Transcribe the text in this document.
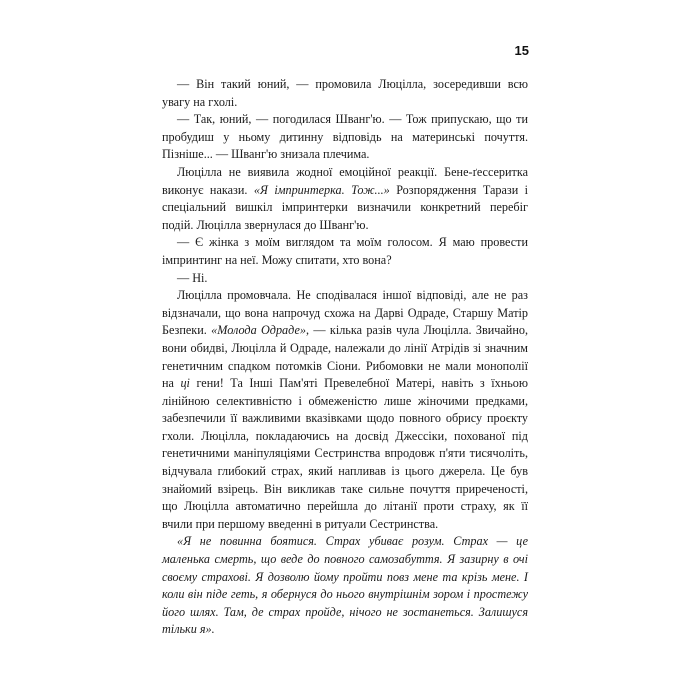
15

— Він такий юний, — промовила Люцілла, зосередивши всю увагу на гхолі.

— Так, юний, — погодилася Шванг'ю. — Тож припускаю, що ти пробудиш у ньому дитинну відповідь на материнські почуття. Пізніше... — Шванг'ю знизала плечима.

Люцілла не виявила жодної емоційної реакції. Бене-ґессеритка виконує накази. «Я імпринтерка. Тож...» Розпорядження Тарази і спеціальний вишкіл імпринтерки визначили конкретний перебіг подій. Люцілла звернулася до Шванг'ю.

— Є жінка з моїм виглядом та моїм голосом. Я маю провести імпринтинг на неї. Можу спитати, хто вона?

— Ні.

Люцілла промовчала. Не сподівалася іншої відповіді, але не раз відзначали, що вона напрочуд схожа на Дарві Одраде, Старшу Матір Безпеки. «Молода Одраде», — кілька разів чула Люцілла. Звичайно, вони обидві, Люцілла й Одраде, належали до лінії Атрідів зі значним генетичним спадком потомків Сіони. Рибомовки не мали монополії на ці гени! Та Інші Пам'яті Превелебної Матері, навіть з їхньою лінійною селективністю і обмеженістю лише жіночими предками, забезпечили її важливими вказівками щодо повного обрису проєкту гхоли. Люцілла, покладаючись на досвід Джессіки, похованої під генетичними маніпуляціями Сестринства впродовж п'яти тисячоліть, відчувала глибокий страх, який напливав із цього джерела. Це був знайомий взірець. Він викликав таке сильне почуття приреченості, що Люцілла автоматично перейшла до літанії проти страху, як її вчили при першому введенні в ритуали Сестринства.

«Я не повинна боятися. Страх убиває розум. Страх — це маленька смерть, що веде до повного самозабуття. Я зазирну в очі своєму страхові. Я дозволю йому пройти повз мене та крізь мене. І коли він піде геть, я обернуся до нього внутрішнім зором і простежу його шлях. Там, де страх пройде, нічого не зостанеться. Залишуся тільки я».
